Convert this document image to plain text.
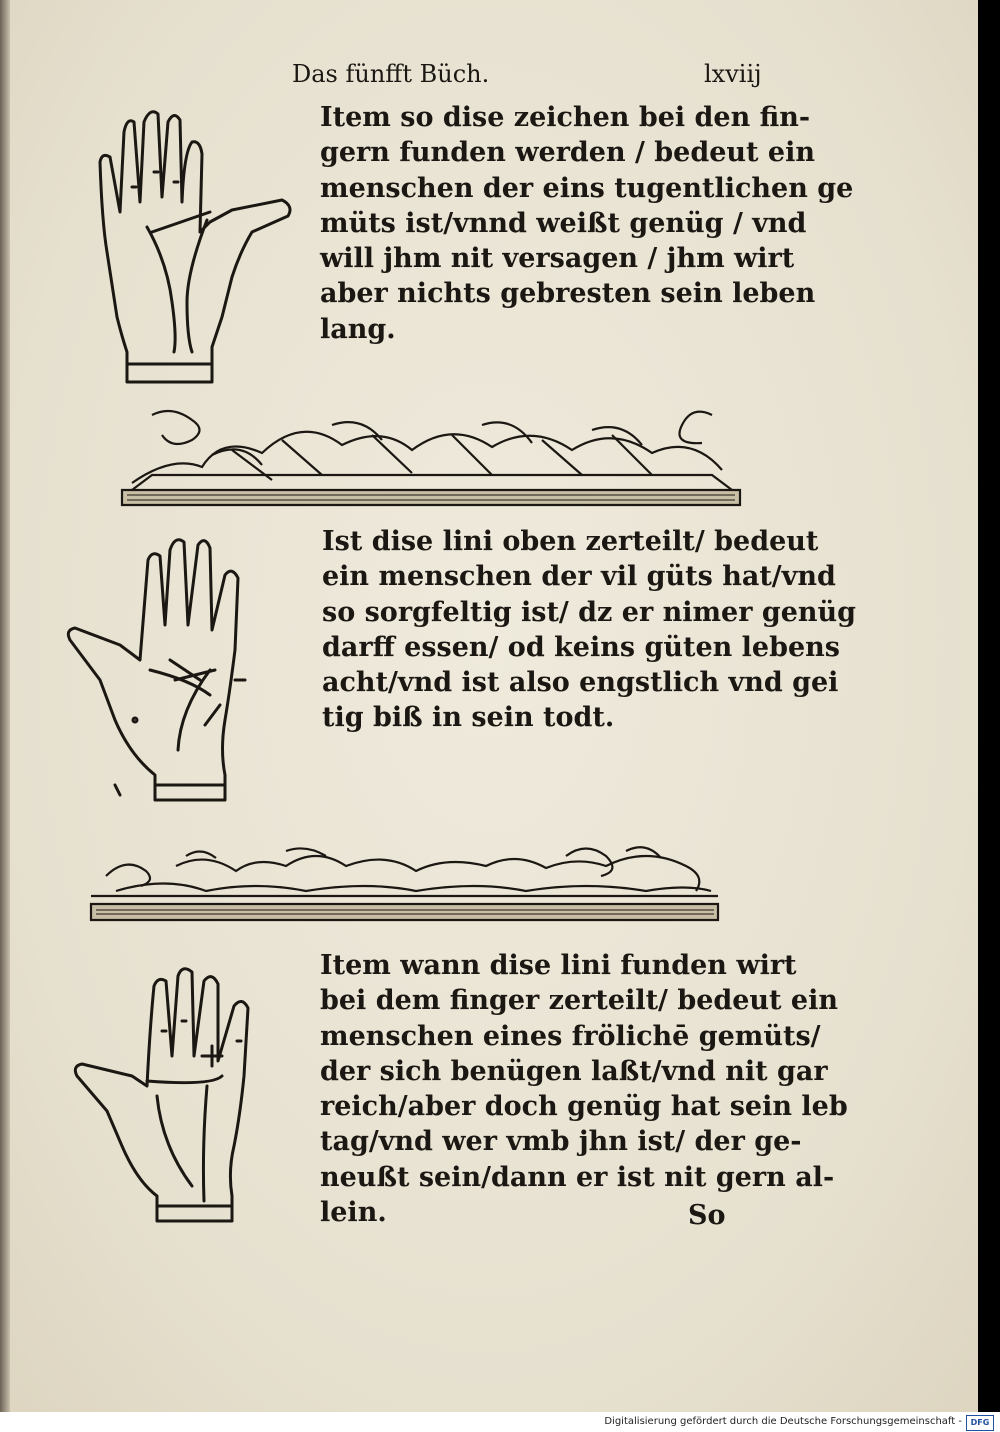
Das fünfft Büch.	lxviij
Item so dise zeichen bei den fin-
gern funden werden / bedeut ein
menschen der eins tugentlichen ge
müts ist/vnnd weißt genüg / vnd
will jhm nit versagen / jhm wirt
aber nichts gebresten sein leben
lang.
Ist dise lini oben zerteilt/ bedeut
ein menschen der vil güts hat/vnd
so sorgfeltig ist/ dz er nimer genüg
darff essen/ od keins güten lebens
acht/vnd ist also engstlich vnd gei
tig biß in sein todt.
Item wann dise lini funden wirt
bei dem finger zerteilt/ bedeut ein
menschen eines frölichē gemüts/
der sich benügen laßt/vnd nit gar
reich/aber doch genüg hat sein leb
tag/vnd wer vmb jhn ist/ der ge-
neußt sein/dann er ist nit gern al-
lein.	So
Digitalisierung gefördert durch die Deutsche Forschungsgemeinschaft -	DFG
